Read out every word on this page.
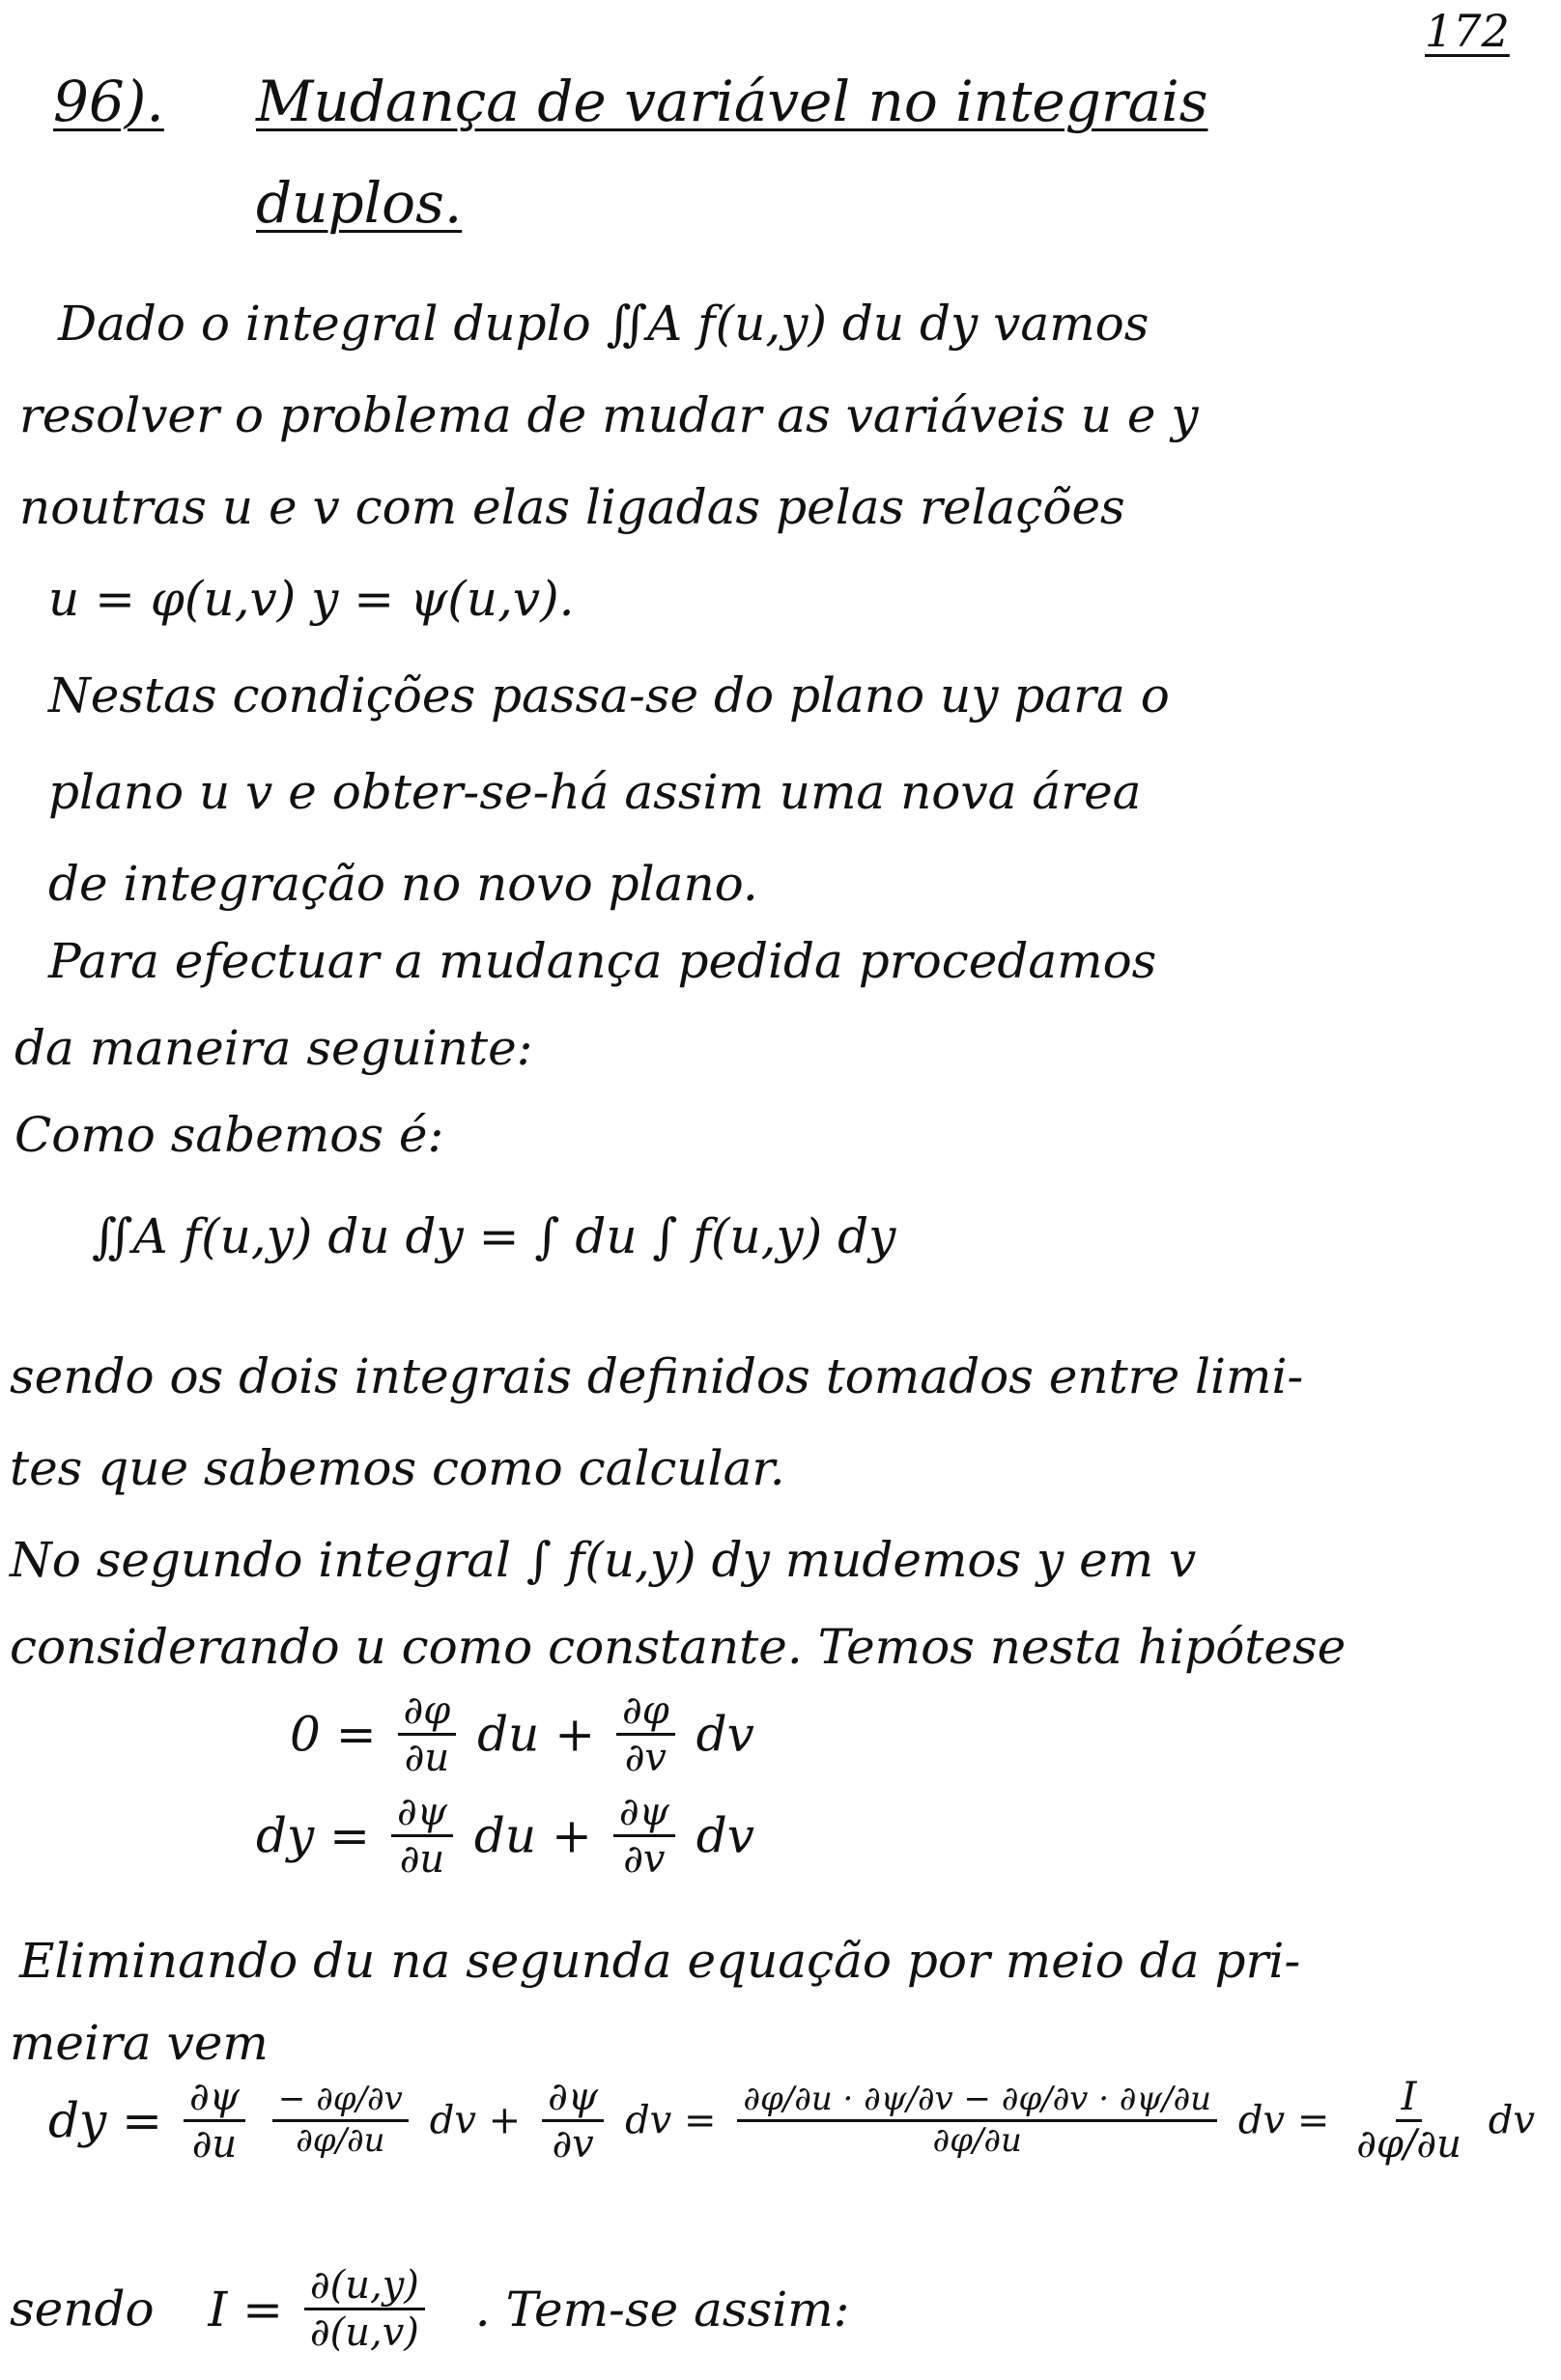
172
96). Mudança de variável no integrais
duplos.
Dado o integral duplo ∬A f(u,y) du dy vamos
resolver o problema de mudar as variáveis u e y
noutras u e v com elas ligadas pelas relações
u = φ(u,v) y = ψ(u,v).
Nestas condições passa-se do plano uy para o
plano u v e obter-se-há assim uma nova área
de integração no novo plano.
Para efectuar a mudança pedida procedamos
da maneira seguinte:
Como sabemos é:
∬A f(u,y) du dy = ∫ du ∫ f(u,y) dy
sendo os dois integrais definidos tomados entre limi-
tes que sabemos como calcular.
No segundo integral ∫ f(u,y) dy mudemos y em v
considerando u como constante. Temos nesta hipótese
$0 = \frac{\partial\varphi}{\partial u}$ du + $\frac{\partial\varphi}{\partial v}$ dv
dy = $\frac{\partial\psi}{\partial u}$ du + $\frac{\partial\psi}{\partial v}$ dv
Eliminando du na segunda equação por meio da pri-
meira vem
dy = $\frac{\partial\psi}{\partial u}$
$\frac{- \partial\varphi/\partial v}{\partial\varphi/\partial u}$ dv + $\frac{\partial\psi}{\partial v}$ dv = $\frac{\partial\varphi/\partial u \cdot \partial\psi/\partial v - \partial\varphi/\partial v \cdot \partial\psi/\partial u}{\partial\varphi/\partial u}$ dv = $\frac{I}{\partial\varphi/\partial u}$ dv
sendo $I = \frac{\partial(u,y)}{\partial(u,v)}$ . Tem-se assim:
